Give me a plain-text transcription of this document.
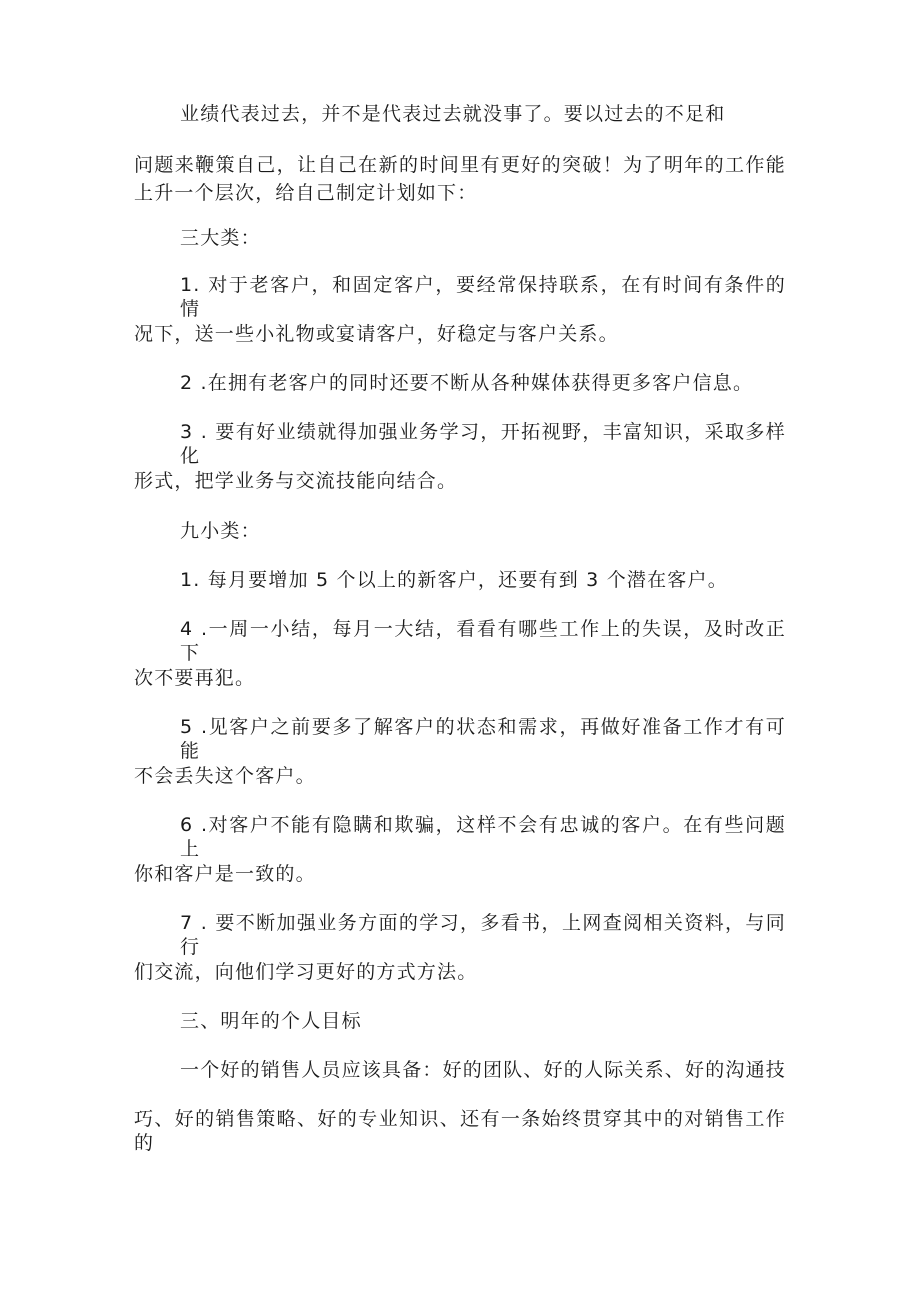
业绩代表过去，并不是代表过去就没事了。要以过去的不足和
问题来鞭策自己，让自己在新的时间里有更好的突破！为了明年的工作能
上升一个层次，给自己制定计划如下：
三大类：
1. 对于老客户，和固定客户，要经常保持联系，在有时间有条件的情
况下，送一些小礼物或宴请客户，好稳定与客户关系。
2 .在拥有老客户的同时还要不断从各种媒体获得更多客户信息。
3 . 要有好业绩就得加强业务学习，开拓视野，丰富知识，采取多样化
形式，把学业务与交流技能向结合。
九小类：
1. 每月要增加 5 个以上的新客户，还要有到 3 个潜在客户。
4 .一周一小结，每月一大结，看看有哪些工作上的失误，及时改正下
次不要再犯。
5 .见客户之前要多了解客户的状态和需求，再做好准备工作才有可能
不会丢失这个客户。
6 .对客户不能有隐瞒和欺骗，这样不会有忠诚的客户。在有些问题上
你和客户是一致的。
7 . 要不断加强业务方面的学习，多看书，上网查阅相关资料，与同行
们交流，向他们学习更好的方式方法。
三、明年的个人目标
一个好的销售人员应该具备：好的团队、好的人际关系、好的沟通技
巧、好的销售策略、好的专业知识、还有一条始终贯穿其中的对销售工作的
